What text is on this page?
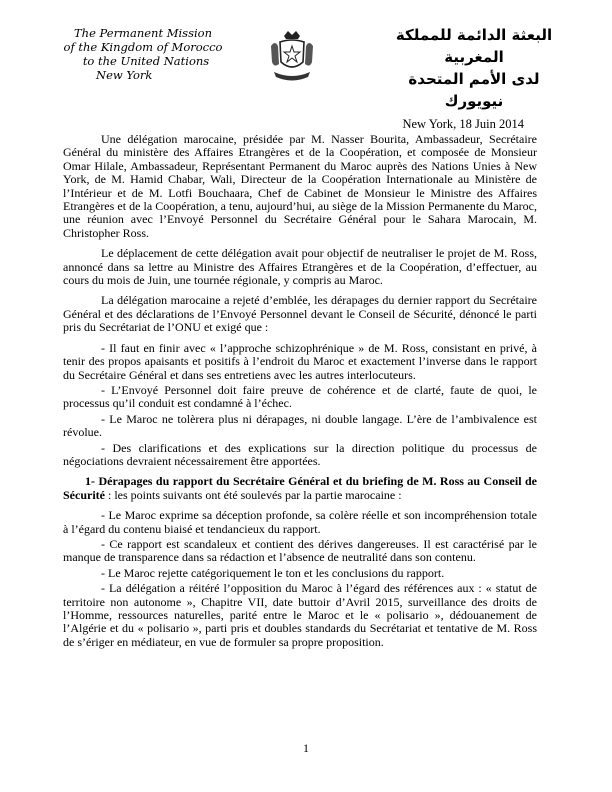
The Permanent Mission
of the Kingdom of Morocco
to the United Nations
New York
البعثة الدائمة للمملكة المغربية
لدى الأمم المتحدة
نيويورك
New York, 18 Juin 2014

Une délégation marocaine, présidée par M. Nasser Bourita, Ambassadeur, Secrétaire Général du ministère des Affaires Etrangères et de la Coopération, et composée de Monsieur Omar Hilale, Ambassadeur, Représentant Permanent du Maroc auprès des Nations Unies à New York, de M. Hamid Chabar, Wali, Directeur de la Coopération Internationale au Ministère de l’Intérieur et de M. Lotfi Bouchaara, Chef de Cabinet de Monsieur le Ministre des Affaires Etrangères et de la Coopération, a tenu, aujourd’hui, au siège de la Mission Permanente du Maroc, une réunion avec l’Envoyé Personnel du Secrétaire Général pour le Sahara Marocain, M. Christopher Ross.

Le déplacement de cette délégation avait pour objectif de neutraliser le projet de M. Ross, annoncé dans sa lettre au Ministre des Affaires Etrangères et de la Coopération, d’effectuer, au cours du mois de Juin, une tournée régionale, y compris au Maroc.

La délégation marocaine a rejeté d’emblée, les dérapages du dernier rapport du Secrétaire Général et des déclarations de l’Envoyé Personnel devant le Conseil de Sécurité, dénoncé le parti pris du Secrétariat de l’ONU et exigé que :

- Il faut en finir avec « l’approche schizophrénique » de M. Ross, consistant en privé, à tenir des propos apaisants et positifs à l’endroit du Maroc et exactement l’inverse dans le rapport du Secrétaire Général et dans ses entretiens avec les autres interlocuteurs.

- L’Envoyé Personnel doit faire preuve de cohérence et de clarté, faute de quoi, le processus qu’il conduit est condamné à l’échec.

- Le Maroc ne tolèrera plus ni dérapages, ni double langage. L’ère de l’ambivalence est révolue.

- Des clarifications et des explications sur la direction politique du processus de négociations devraient nécessairement être apportées.

1- Dérapages du rapport du Secrétaire Général et du briefing de M. Ross au Conseil de Sécurité : les points suivants ont été soulevés par la partie marocaine :

- Le Maroc exprime sa déception profonde, sa colère réelle et son incompréhension totale à l’égard du contenu biaisé et tendancieux du rapport.

- Ce rapport est scandaleux et contient des dérives dangereuses. Il est caractérisé par le manque de transparence dans sa rédaction et l’absence de neutralité dans son contenu.

- Le Maroc rejette catégoriquement le ton et les conclusions du rapport.

- La délégation a réitéré l’opposition du Maroc à l’égard des références aux : « statut de territoire non autonome », Chapitre VII, date buttoir d’Avril 2015, surveillance des droits de l’Homme, ressources naturelles, parité entre le Maroc et le « polisario », dédouanement de l’Algérie et du « polisario », parti pris et doubles standards du Secrétariat et tentative de M. Ross de s’ériger en médiateur, en vue de formuler sa propre proposition.

1
